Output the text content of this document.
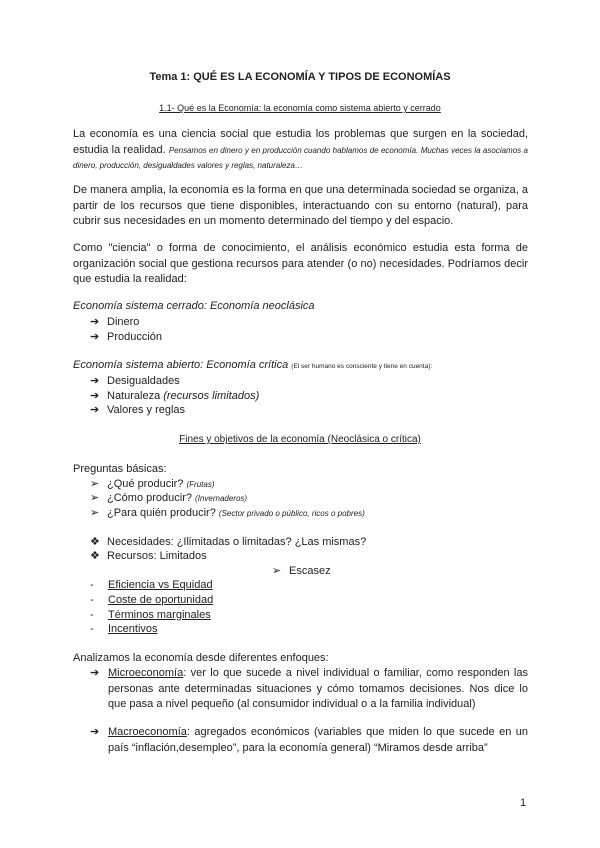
Tema 1: QUÉ ES LA ECONOMÍA Y TIPOS DE ECONOMÍAS
1.1- Qué es la Economía: la economía como sistema abierto y cerrado
La economía es una ciencia social que estudia los problemas que surgen en la sociedad, estudia la realidad. Pensamos en dinero y en producción cuando hablamos de economía. Muchas veces la asociamos a dinero, producción, desigualdades valores y reglas, naturaleza…
De manera amplia, la economía es la forma en que una determinada sociedad se organiza, a partir de los recursos que tiene disponibles, interactuando con su entorno (natural), para cubrir sus necesidades en un momento determinado del tiempo y del espacio.
Como "ciencia" o forma de conocimiento, el análisis económico estudia esta forma de organización social que gestiona recursos para atender (o no) necesidades. Podríamos decir que estudia la realidad:
Economía sistema cerrado: Economía neoclásica
➔ Dinero
➔ Producción
Economía sistema abierto: Economía crítica (El ser humano es consciente y tiene en cuenta):
➔ Desigualdades
➔ Naturaleza (recursos limitados)
➔ Valores y reglas
Fines y objetivos de la economía (Neoclásica o crítica)
Preguntas básicas:
➢ ¿Qué producir? (Frutas)
➢ ¿Cómo producir? (Invernaderos)
➢ ¿Para quién producir? (Sector privado o público, ricos o pobres)
❖ Necesidades: ¿Ilimitadas o limitadas? ¿Las mismas?
❖ Recursos: Limitados
➢ Escasez
- Eficiencia vs Equidad
- Coste de oportunidad
- Términos marginales
- Incentivos
Analizamos la economía desde diferentes enfoques:
➔ Microeconomía: ver lo que sucede a nivel individual o familiar, como responden las personas ante determinadas situaciones y cómo tomamos decisiones. Nos dice lo que pasa a nivel pequeño (al consumidor individual o a la familia individual)
➔ Macroeconomía: agregados económicos (variables que miden lo que sucede en un país “inflación,desempleo”, para la economía general) “Miramos desde arriba”
1
